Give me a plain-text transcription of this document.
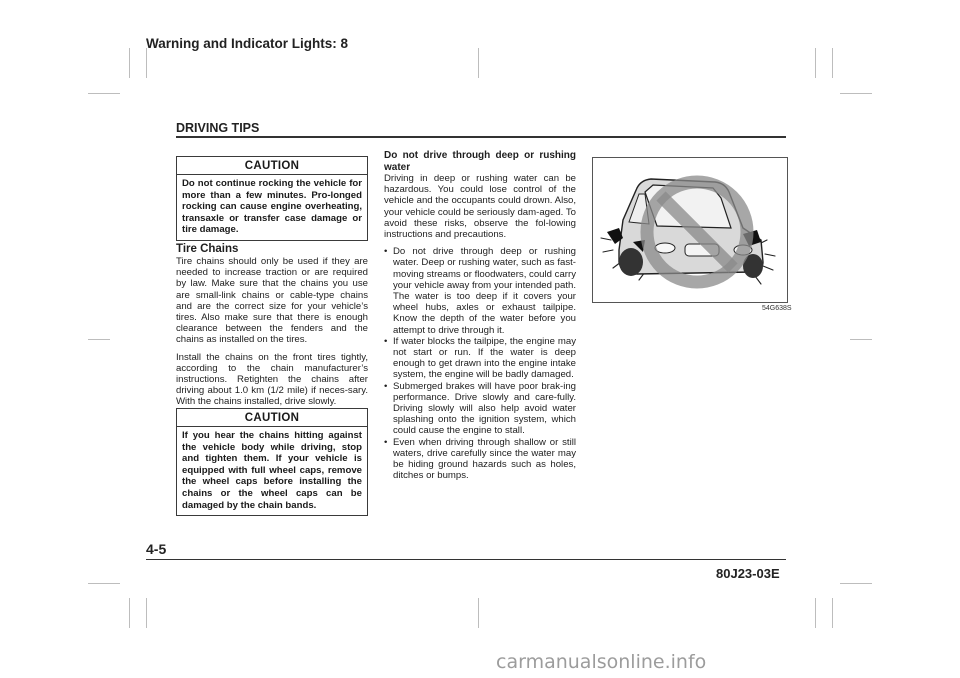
Warning and Indicator Lights: 8
DRIVING TIPS
CAUTION
Do not continue rocking the vehicle for more than a few minutes. Pro-longed rocking can cause engine overheating, transaxle or transfer case damage or tire damage.
Tire Chains

Tire chains should only be used if they are needed to increase traction or are required by law. Make sure that the chains you use are small-link chains or cable-type chains and are the correct size for your vehicle’s tires. Also make sure that there is enough clearance between the fenders and the chains as installed on the tires.

Install the chains on the front tires tightly, according to the chain manufacturer’s instructions. Retighten the chains after driving about 1.0 km (1/2 mile) if neces-sary. With the chains installed, drive slowly.

CAUTION
If you hear the chains hitting against the vehicle body while driving, stop and tighten them. If your vehicle is equipped with full wheel caps, remove the wheel caps before installing the chains or the wheel caps can be damaged by the chain bands.
Do not drive through deep or rushing water

Driving in deep or rushing water can be hazardous. You could lose control of the vehicle and the occupants could drown. Also, your vehicle could be seriously dam-aged. To avoid these risks, observe the fol-lowing instructions and precautions.

• Do not drive through deep or rushing water. Deep or rushing water, such as fast-moving streams or floodwaters, could carry your vehicle away from your intended path. The water is too deep if it covers your wheel hubs, axles or exhaust tailpipe. Know the depth of the water before you attempt to drive through it.
• If water blocks the tailpipe, the engine may not start or run. If the water is deep enough to get drawn into the engine intake system, the engine will be badly damaged.
• Submerged brakes will have poor brak-ing performance. Drive slowly and care-fully. Driving slowly will also help avoid water splashing onto the ignition system, which could cause the engine to stall.
• Even when driving through shallow or still waters, drive carefully since the water may be hiding ground hazards such as holes, ditches or bumps.
54G638S
4-5
80J23-03E
carmanualsonline.info
